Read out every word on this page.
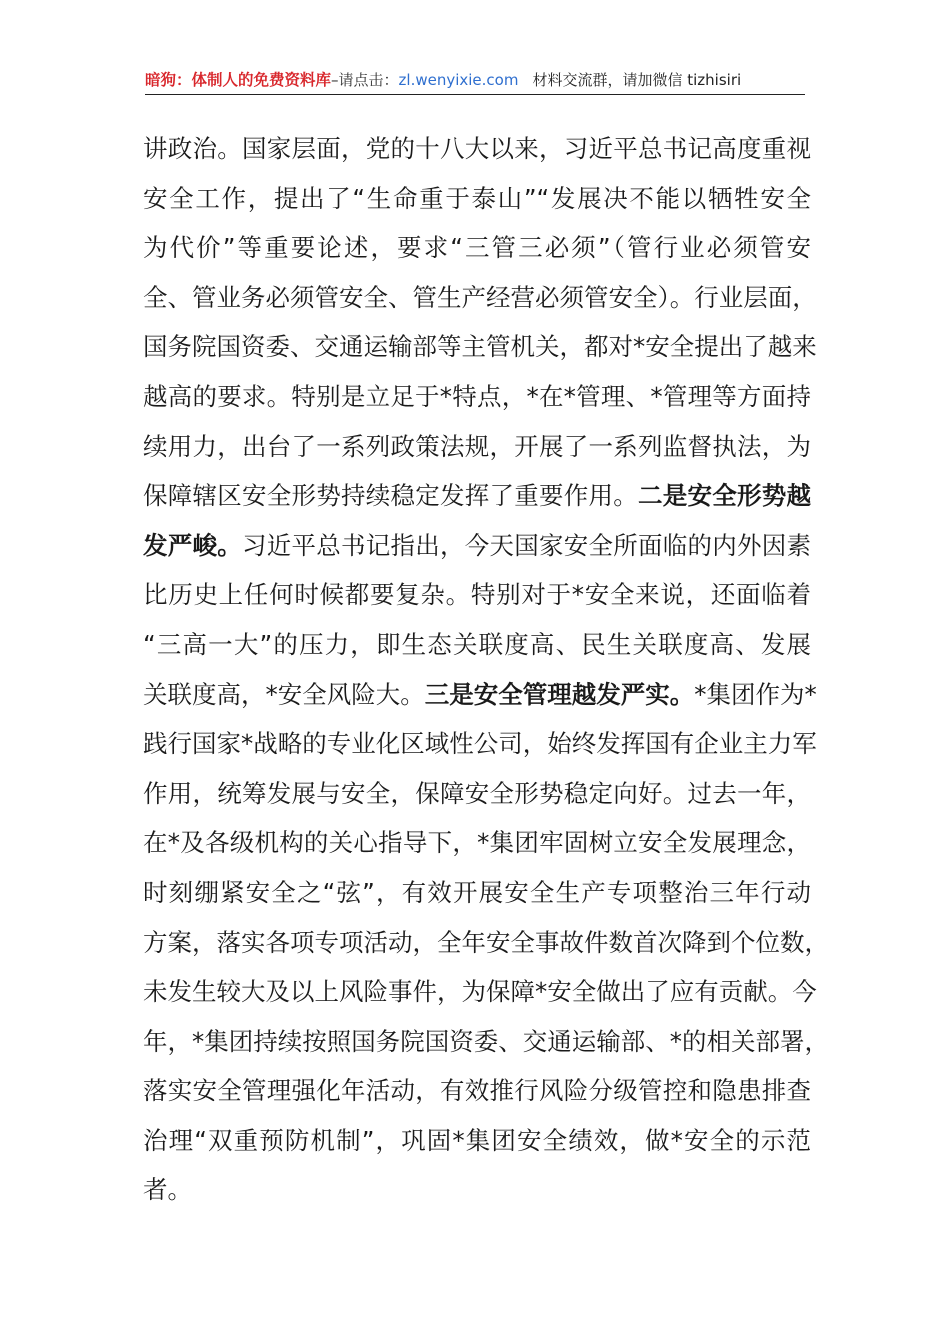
暗狗：体制人的免费资料库–请点击：zl.wenyixie.com 材料交流群，请加微信 tizhisiri
讲政治。国家层面，党的十八大以来，习近平总书记高度重视
安全工作，提出了“生命重于泰山”“发展决不能以牺牲安全
为代价”等重要论述，要求“三管三必须”（管行业必须管安
全、管业务必须管安全、管生产经营必须管安全）。行业层面，
国务院国资委、交通运输部等主管机关，都对*安全提出了越来
越高的要求。特别是立足于*特点，*在*管理、*管理等方面持
续用力，出台了一系列政策法规，开展了一系列监督执法，为
保障辖区安全形势持续稳定发挥了重要作用。二是安全形势越
发严峻。习近平总书记指出，今天国家安全所面临的内外因素
比历史上任何时候都要复杂。特别对于*安全来说，还面临着
“三高一大”的压力，即生态关联度高、民生关联度高、发展
关联度高，*安全风险大。三是安全管理越发严实。*集团作为*
践行国家*战略的专业化区域性公司，始终发挥国有企业主力军
作用，统筹发展与安全，保障安全形势稳定向好。过去一年，
在*及各级机构的关心指导下，*集团牢固树立安全发展理念，
时刻绷紧安全之“弦”，有效开展安全生产专项整治三年行动
方案，落实各项专项活动，全年安全事故件数首次降到个位数，
未发生较大及以上风险事件，为保障*安全做出了应有贡献。今
年，*集团持续按照国务院国资委、交通运输部、*的相关部署，
落实安全管理强化年活动，有效推行风险分级管控和隐患排查
治理“双重预防机制”，巩固*集团安全绩效，做*安全的示范
者。
